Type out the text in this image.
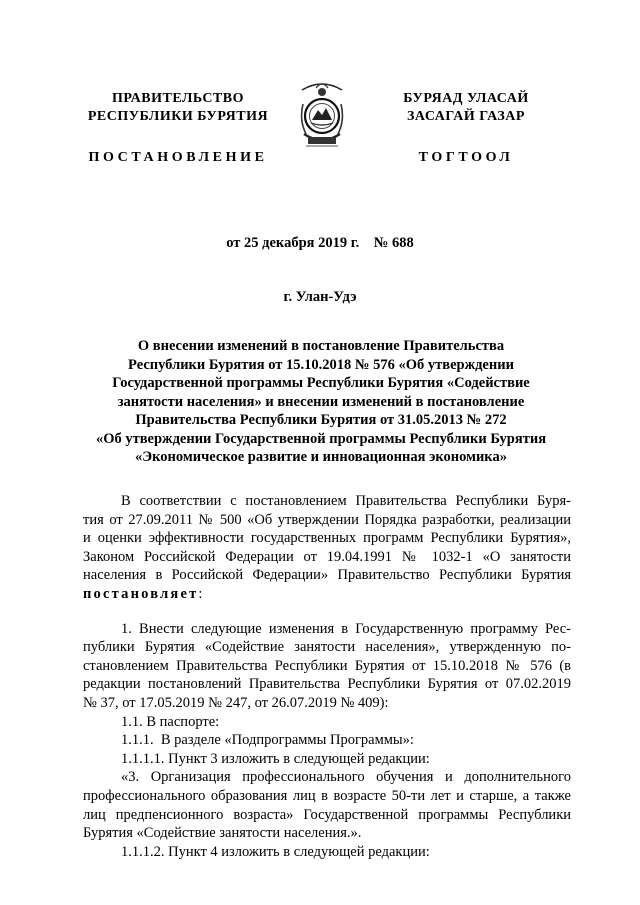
ПРАВИТЕЛЬСТВО
РЕСПУБЛИКИ БУРЯТИЯ
ПОСТАНОВЛЕНИЕ
БУРЯАД УЛАСАЙ
ЗАСАГАЙ ГАЗАР
ТОГТООЛ
от 25 декабря 2019 г.    № 688
г. Улан-Удэ
О внесении изменений в постановление Правительства
Республики Бурятия от 15.10.2018 № 576 «Об утверждении
Государственной программы Республики Бурятия «Содействие
занятости населения» и внесении изменений в постановление
Правительства Республики Бурятия от 31.05.2013 № 272
«Об утверждении Государственной программы Республики Бурятия
«Экономическое развитие и инновационная экономика»
В соответствии с постановлением Правительства Республики Буря-
тия от 27.09.2011 № 500 «Об утверждении Порядка разработки, реализации
и оценки эффективности государственных программ Республики Бурятия»,
Законом Российской Федерации от 19.04.1991 № 1032-1 «О занятости
населения в Российской Федерации» Правительство Республики Бурятия
постановляет:
1. Внести следующие изменения в Государственную программу Рес-
публики Бурятия «Содействие занятости населения», утвержденную по-
становлением Правительства Республики Бурятия от 15.10.2018 № 576 (в
редакции постановлений Правительства Республики Бурятия от 07.02.2019
№ 37, от 17.05.2019 № 247, от 26.07.2019 № 409):
1.1. В паспорте:
1.1.1.  В разделе «Подпрограммы Программы»:
1.1.1.1. Пункт 3 изложить в следующей редакции:
«3. Организация профессионального обучения и дополнительного
профессионального образования лиц в возрасте 50-ти лет и старше, а также
лиц предпенсионного возраста» Государственной программы Республики
Бурятия «Содействие занятости населения.».
1.1.1.2. Пункт 4 изложить в следующей редакции:
